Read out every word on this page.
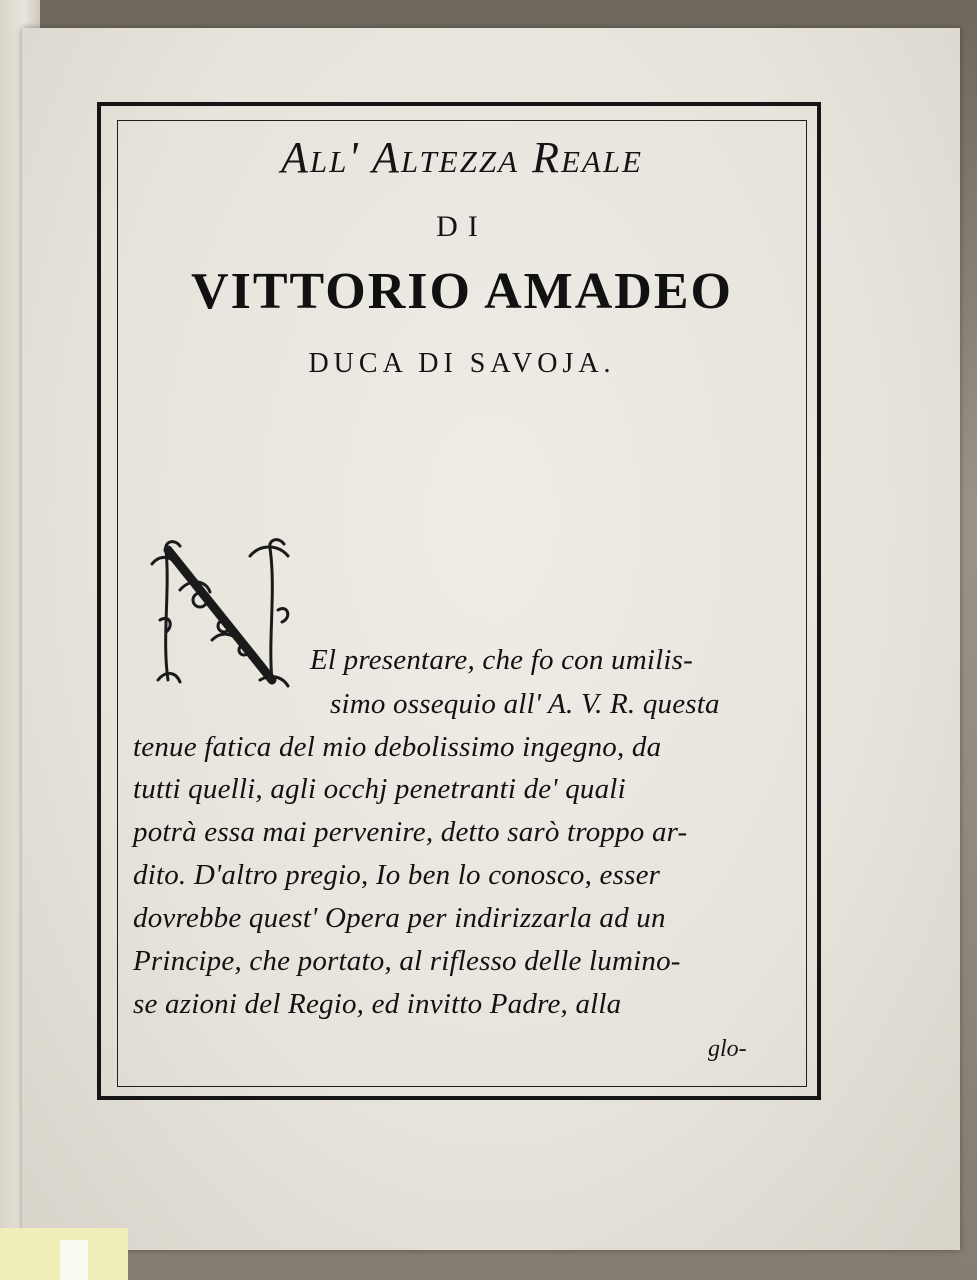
All' Altezza Reale
DI
VITTORIO AMADEO
DUCA DI SAVOJA.
El presentare, che fo con umilis-
simo ossequio all' A. V. R. questa
tenue fatica del mio debolissimo ingegno, da
tutti quelli, agli occhj penetranti de' quali
potrà essa mai pervenire, detto sarò troppo ar-
dito. D'altro pregio, Io ben lo conosco, esser
dovrebbe quest' Opera per indirizzarla ad un
Principe, che portato, al riflesso delle lumino-
se azioni del Regio, ed invitto Padre, alla
glo-
